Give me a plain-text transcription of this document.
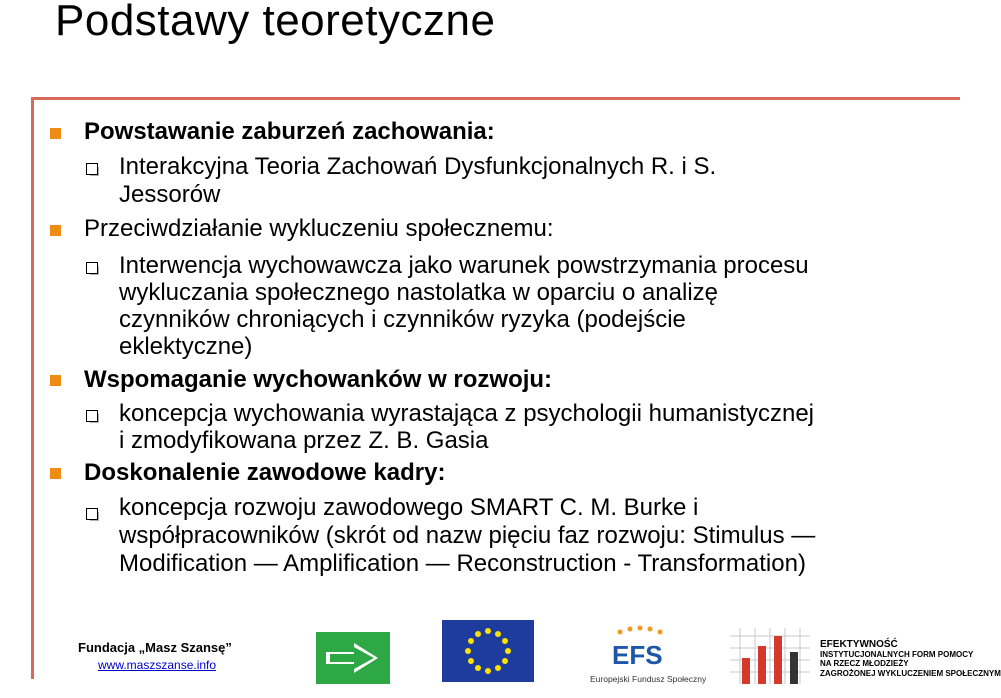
Podstawy teoretyczne
Powstawanie zaburzeń zachowania:
Interakcyjna Teoria Zachowań Dysfunkcjonalnych R. i S.
Jessorów
Przeciwdziałanie wykluczeniu społecznemu:
Interwencja wychowawcza jako warunek powstrzymania procesu
wykluczania społecznego nastolatka w oparciu o analizę
czynników chroniących i czynników ryzyka (podejście
eklektyczne)
Wspomaganie wychowanków w rozwoju:
koncepcja wychowania wyrastająca z psychologii humanistycznej
i zmodyfikowana przez Z. B. Gasia
Doskonalenie zawodowe kadry:
koncepcja rozwoju zawodowego SMART C. M. Burke i
współpracowników (skrót od nazw pięciu faz rozwoju: Stimulus —
Modification — Amplification — Reconstruction - Transformation)
Fundacja „Masz Szansę”
www.maszszanse.info	EFS
Europejski Fundusz Społeczny
EFEKTYWNOŚĆ
INSTYTUCJONALNYCH FORM POMOCY
NA RZECZ MŁODZIEŻY
ZAGROŻONEJ WYKLUCZENIEM SPOŁECZNYM
